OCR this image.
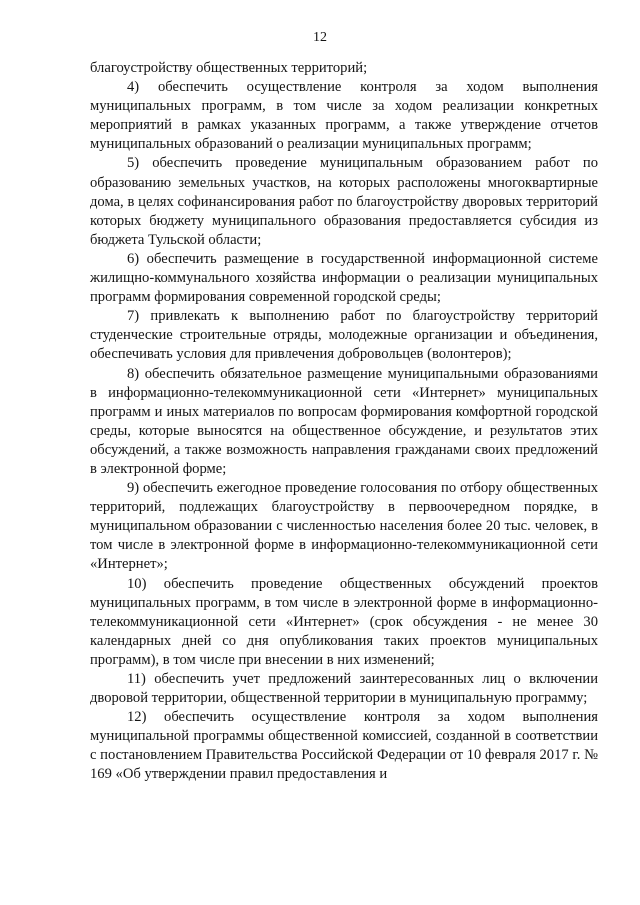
12

благоустройству общественных территорий;

4) обеспечить осуществление контроля за ходом выполнения муниципальных программ, в том числе за ходом реализации конкретных мероприятий в рамках указанных программ, а также утверждение отчетов муниципальных образований о реализации муниципальных программ;

5) обеспечить проведение муниципальным образованием работ по образованию земельных участков, на которых расположены многоквартирные дома, в целях софинансирования работ по благоустройству дворовых территорий которых бюджету муниципального образования предоставляется субсидия из бюджета Тульской области;

6) обеспечить размещение в государственной информационной системе жилищно-коммунального хозяйства информации о реализации муниципальных программ формирования современной городской среды;

7) привлекать к выполнению работ по благоустройству территорий студенческие строительные отряды, молодежные организации и объединения, обеспечивать условия для привлечения добровольцев (волонтеров);

8) обеспечить обязательное размещение муниципальными образованиями в информационно-телекоммуникационной сети «Интернет» муниципальных программ и иных материалов по вопросам формирования комфортной городской среды, которые выносятся на общественное обсуждение, и результатов этих обсуждений, а также возможность направления гражданами своих предложений в электронной форме;

9) обеспечить ежегодное проведение голосования по отбору общественных территорий, подлежащих благоустройству в первоочередном порядке, в муниципальном образовании с численностью населения более 20 тыс. человек, в том числе в электронной форме в информационно-телекоммуникационной сети «Интернет»;

10) обеспечить проведение общественных обсуждений проектов муниципальных программ, в том числе в электронной форме в информационно-телекоммуникационной сети «Интернет» (срок обсуждения - не менее 30 календарных дней со дня опубликования таких проектов муниципальных программ), в том числе при внесении в них изменений;

11) обеспечить учет предложений заинтересованных лиц о включении дворовой территории, общественной территории в муниципальную программу;

12) обеспечить осуществление контроля за ходом выполнения муниципальной программы общественной комиссией, созданной в соответствии с постановлением Правительства Российской Федерации от 10 февраля 2017 г. № 169 «Об утверждении правил предоставления и
